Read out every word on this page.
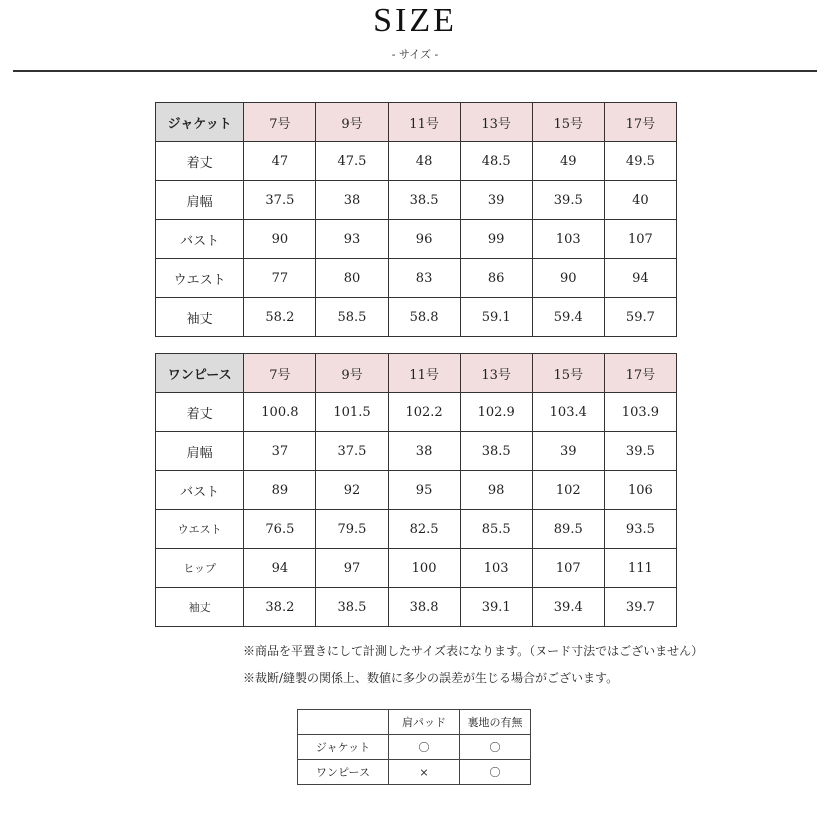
SIZE
- サイズ -
ジャケット	7号	9号	11号	13号	15号	17号
着丈	47	47.5	48	48.5	49	49.5
肩幅	37.5	38	38.5	39	39.5	40
バスト	90	93	96	99	103	107
ウエスト	77	80	83	86	90	94
袖丈	58.2	58.5	58.8	59.1	59.4	59.7
ワンピース	7号	9号	11号	13号	15号	17号
着丈	100.8	101.5	102.2	102.9	103.4	103.9
肩幅	37	37.5	38	38.5	39	39.5
バスト	89	92	95	98	102	106
ウエスト	76.5	79.5	82.5	85.5	89.5	93.5
ヒップ	94	97	100	103	107	111
袖丈	38.2	38.5	38.8	39.1	39.4	39.7
※商品を平置きにして計測したサイズ表になります。（ヌード寸法ではございません）
※裁断/縫製の関係上、数値に多少の誤差が生じる場合がございます。
	肩パッド	裏地の有無
ジャケット	〇	〇
ワンピース	×	〇
